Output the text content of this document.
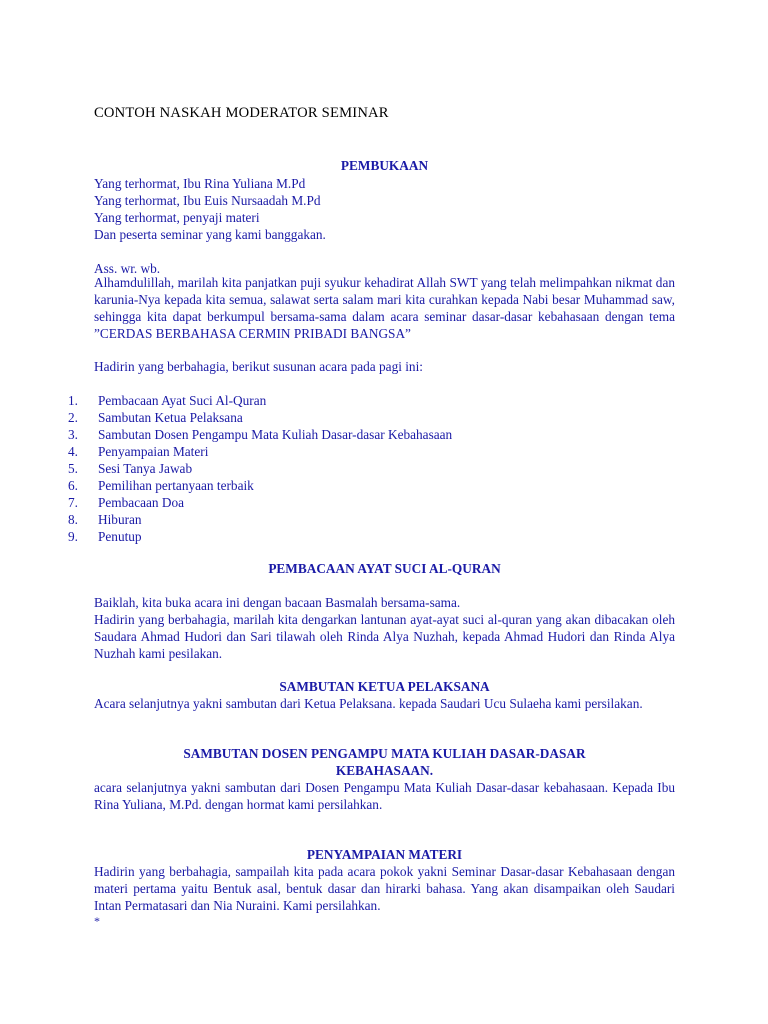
CONTOH NASKAH MODERATOR SEMINAR
PEMBUKAAN
Yang terhormat, Ibu Rina Yuliana M.Pd
Yang terhormat, Ibu Euis Nursaadah M.Pd
Yang terhormat, penyaji materi
Dan peserta seminar yang kami banggakan.
Ass. wr. wb.
Alhamdulillah, marilah kita panjatkan puji syukur kehadirat Allah SWT yang telah melimpahkan nikmat dan karunia-Nya kepada kita semua, salawat serta salam mari kita curahkan kepada Nabi besar Muhammad saw, sehingga kita dapat berkumpul bersama-sama dalam acara seminar dasar-dasar kebahasaan dengan tema ”CERDAS BERBAHASA CERMIN PRIBADI BANGSA”
Hadirin yang berbahagia, berikut susunan acara pada pagi ini:
1.	Pembacaan Ayat Suci Al-Quran
2.	Sambutan Ketua Pelaksana
3.	Sambutan Dosen Pengampu Mata Kuliah Dasar-dasar Kebahasaan
4.	Penyampaian Materi
5.	Sesi Tanya Jawab
6.	Pemilihan pertanyaan terbaik
7.	Pembacaan Doa
8.	Hiburan
9.	Penutup
PEMBACAAN AYAT SUCI AL-QURAN
Baiklah, kita buka acara ini dengan bacaan Basmalah bersama-sama.
Hadirin yang berbahagia, marilah kita dengarkan lantunan ayat-ayat suci al-quran yang akan dibacakan oleh Saudara Ahmad Hudori dan Sari tilawah oleh Rinda Alya Nuzhah, kepada Ahmad Hudori dan Rinda Alya Nuzhah kami pesilakan.
SAMBUTAN KETUA PELAKSANA
Acara selanjutnya yakni sambutan dari Ketua Pelaksana. kepada Saudari Ucu Sulaeha kami persilakan.
SAMBUTAN DOSEN PENGAMPU MATA KULIAH DASAR-DASAR
KEBAHASAAN.
acara selanjutnya yakni sambutan dari Dosen Pengampu Mata Kuliah Dasar-dasar kebahasaan. Kepada Ibu Rina Yuliana, M.Pd. dengan hormat kami persilahkan.
PENYAMPAIAN MATERI
Hadirin yang berbahagia, sampailah kita pada acara pokok yakni Seminar Dasar-dasar Kebahasaan dengan materi pertama yaitu Bentuk asal, bentuk dasar dan hirarki bahasa. Yang akan disampaikan oleh Saudari Intan Permatasari dan Nia Nuraini. Kami persilahkan.
*
